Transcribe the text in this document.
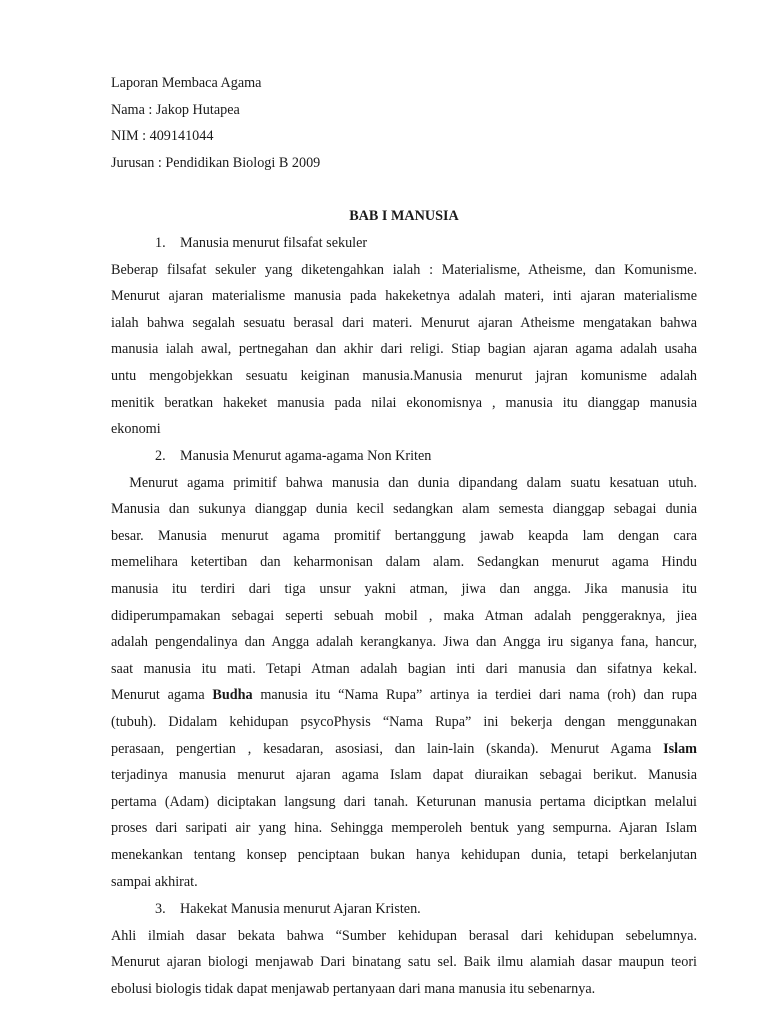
Laporan Membaca Agama
Nama : Jakop Hutapea
NIM : 409141044
Jurusan : Pendidikan Biologi B 2009
BAB I MANUSIA
1. Manusia menurut filsafat sekuler
Beberap filsafat sekuler yang diketengahkan ialah : Materialisme, Atheisme, dan Komunisme.
Menurut ajaran materialisme manusia pada hakeketnya adalah materi, inti ajaran materialisme
ialah bahwa segalah sesuatu berasal dari materi. Menurut ajaran Atheisme mengatakan bahwa
manusia ialah awal, pertnegahan dan akhir dari religi. Stiap bagian ajaran agama adalah usaha
untu mengobjekkan sesuatu keiginan manusia.Manusia menurut jajran komunisme adalah
menitik beratkan hakeket manusia pada nilai ekonomisnya , manusia itu dianggap manusia
ekonomi
2. Manusia Menurut agama-agama Non Kriten
Menurut agama primitif bahwa manusia dan dunia dipandang dalam suatu kesatuan utuh.
Manusia dan sukunya dianggap dunia kecil sedangkan alam semesta dianggap sebagai dunia
besar. Manusia menurut agama promitif bertanggung jawab keapda lam dengan cara
memelihara ketertiban dan keharmonisan dalam alam. Sedangkan menurut agama Hindu
manusia itu terdiri dari tiga unsur yakni atman, jiwa dan angga. Jika manusia itu
didiperumpamakan sebagai seperti sebuah mobil , maka Atman adalah penggeraknya, jiea
adalah pengendalinya dan Angga adalah kerangkanya. Jiwa dan Angga iru siganya fana, hancur,
saat manusia itu mati. Tetapi Atman adalah bagian inti dari manusia dan sifatnya kekal.
Menurut agama Budha manusia itu “Nama Rupa” artinya ia terdiei dari nama (roh) dan rupa
(tubuh). Didalam kehidupan psycoPhysis “Nama Rupa” ini bekerja dengan menggunakan
perasaan, pengertian , kesadaran, asosiasi, dan lain-lain (skanda). Menurut Agama Islam
terjadinya manusia menurut ajaran agama Islam dapat diuraikan sebagai berikut. Manusia
pertama (Adam) diciptakan langsung dari tanah. Keturunan manusia pertama diciptkan melalui
proses dari saripati air yang hina. Sehingga memperoleh bentuk yang sempurna. Ajaran Islam
menekankan tentang konsep penciptaan bukan hanya kehidupan dunia, tetapi berkelanjutan
sampai akhirat.
3. Hakekat Manusia menurut Ajaran Kristen.
Ahli ilmiah dasar bekata bahwa “Sumber kehidupan berasal dari kehidupan sebelumnya.
Menurut ajaran biologi menjawab Dari binatang satu sel. Baik ilmu alamiah dasar maupun teori
ebolusi biologis tidak dapat menjawab pertanyaan dari mana manusia itu sebenarnya.
